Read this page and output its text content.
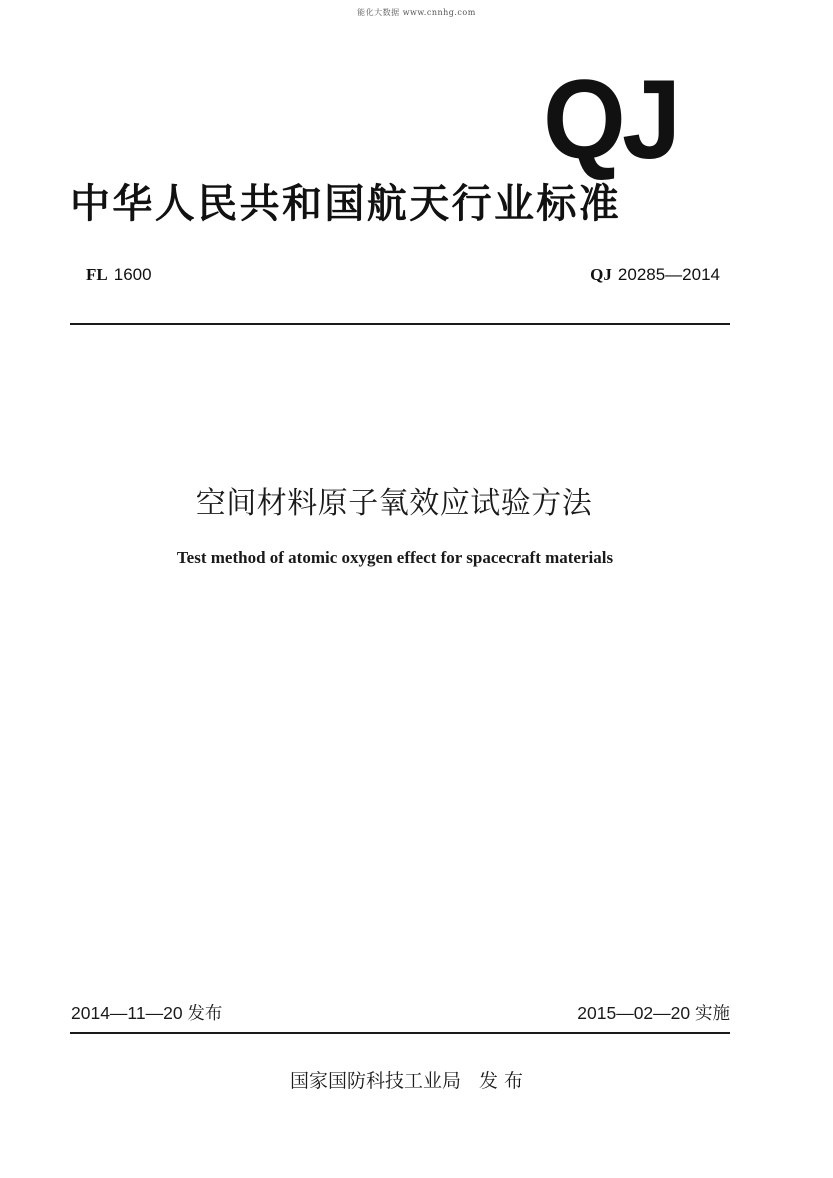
能化大数据 www.cnnhg.com
QJ
中华人民共和国航天行业标准
FL 1600	QJ 20285—2014
空间材料原子氧效应试验方法
Test method of atomic oxygen effect for spacecraft materials
2014—11—20 发布	2015—02—20 实施
国家国防科技工业局 发布
